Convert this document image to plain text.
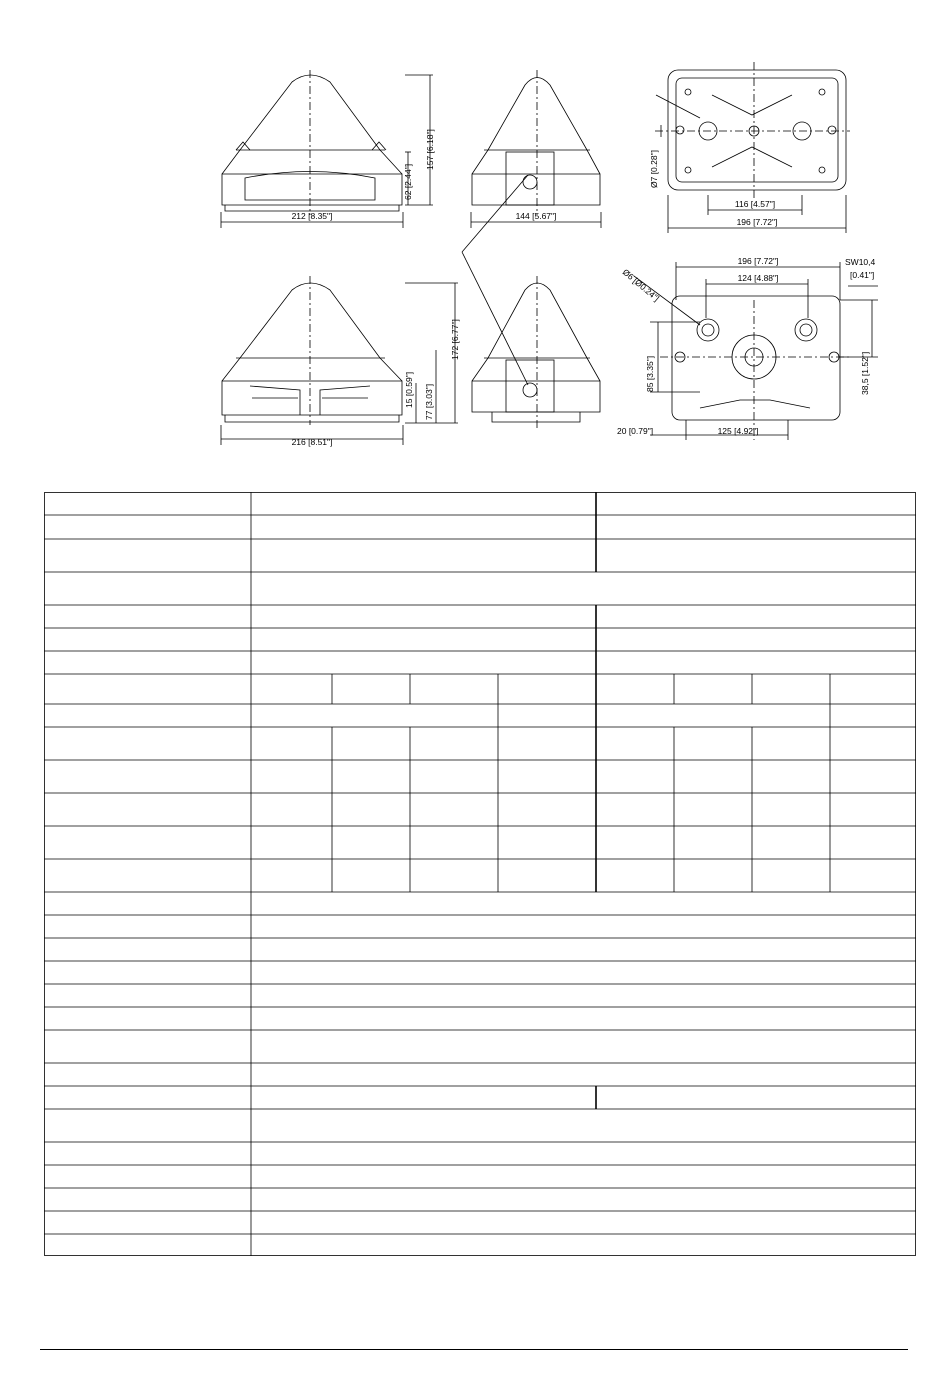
212 [8.35"]
62 [2.44"]
157 [6.18"]
144 [5.67"]
Ø7 [0.28"]
116 [4.57"]
196 [7.72"]
196 [7.72"]	SW10,4
[0.41"]
Ø6 [Ø0.24"]	124 [4.88"]
85 [3.35"]	38,5 [1.52"]
20 [0.79"]	125 [4.92"]
172 [6.77"]
15 [0.59"] 77 [3.03"]
216 [8.51"]
